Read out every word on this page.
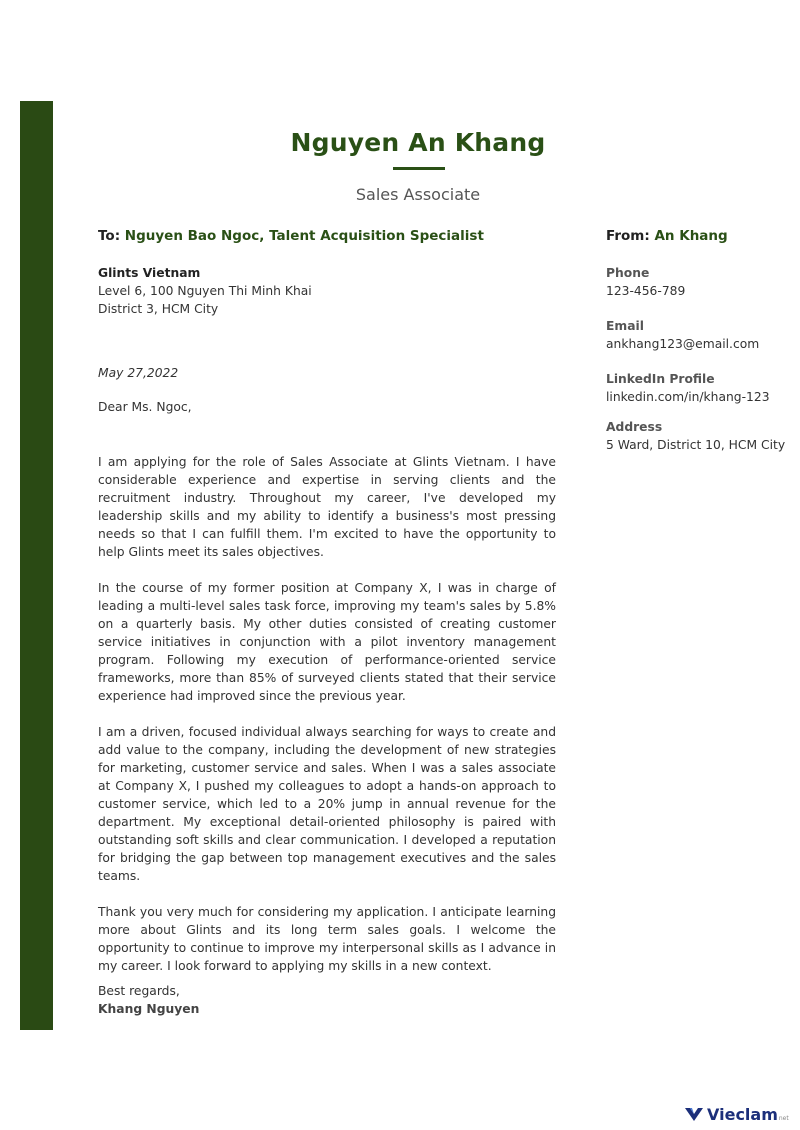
Nguyen An Khang
Sales Associate
To: Nguyen Bao Ngoc, Talent Acquisition Specialist
Glints Vietnam
Level 6, 100 Nguyen Thi Minh Khai
District 3, HCM City
May 27,2022
Dear Ms. Ngoc,

I am applying for the role of Sales Associate at Glints Vietnam. I have considerable experience and expertise in serving clients and the recruitment industry. Throughout my career, I've developed my leadership skills and my ability to identify a business's most pressing needs so that I can fulfill them. I'm excited to have the opportunity to help Glints meet its sales objectives.

In the course of my former position at Company X, I was in charge of leading a multi-level sales task force, improving my team's sales by 5.8% on a quarterly basis. My other duties consisted of creating customer service initiatives in conjunction with a pilot inventory management program. Following my execution of performance-oriented service frameworks, more than 85% of surveyed clients stated that their service experience had improved since the previous year.

I am a driven, focused individual always searching for ways to create and add value to the company, including the development of new strategies for marketing, customer service and sales. When I was a sales associate at Company X, I pushed my colleagues to adopt a hands-on approach to customer service, which led to a 20% jump in annual revenue for the department. My exceptional detail-oriented philosophy is paired with outstanding soft skills and clear communication. I developed a reputation for bridging the gap between top management executives and the sales teams.

Thank you very much for considering my application. I anticipate learning more about Glints and its long term sales goals. I welcome the opportunity to continue to improve my interpersonal skills as I advance in my career. I look forward to applying my skills in a new context.

Best regards,
Khang Nguyen
From: An Khang
Phone
123-456-789
Email
ankhang123@email.com
LinkedIn Profile
linkedin.com/in/khang-123
Address
5 Ward, District 10, HCM City
Vieclam net
